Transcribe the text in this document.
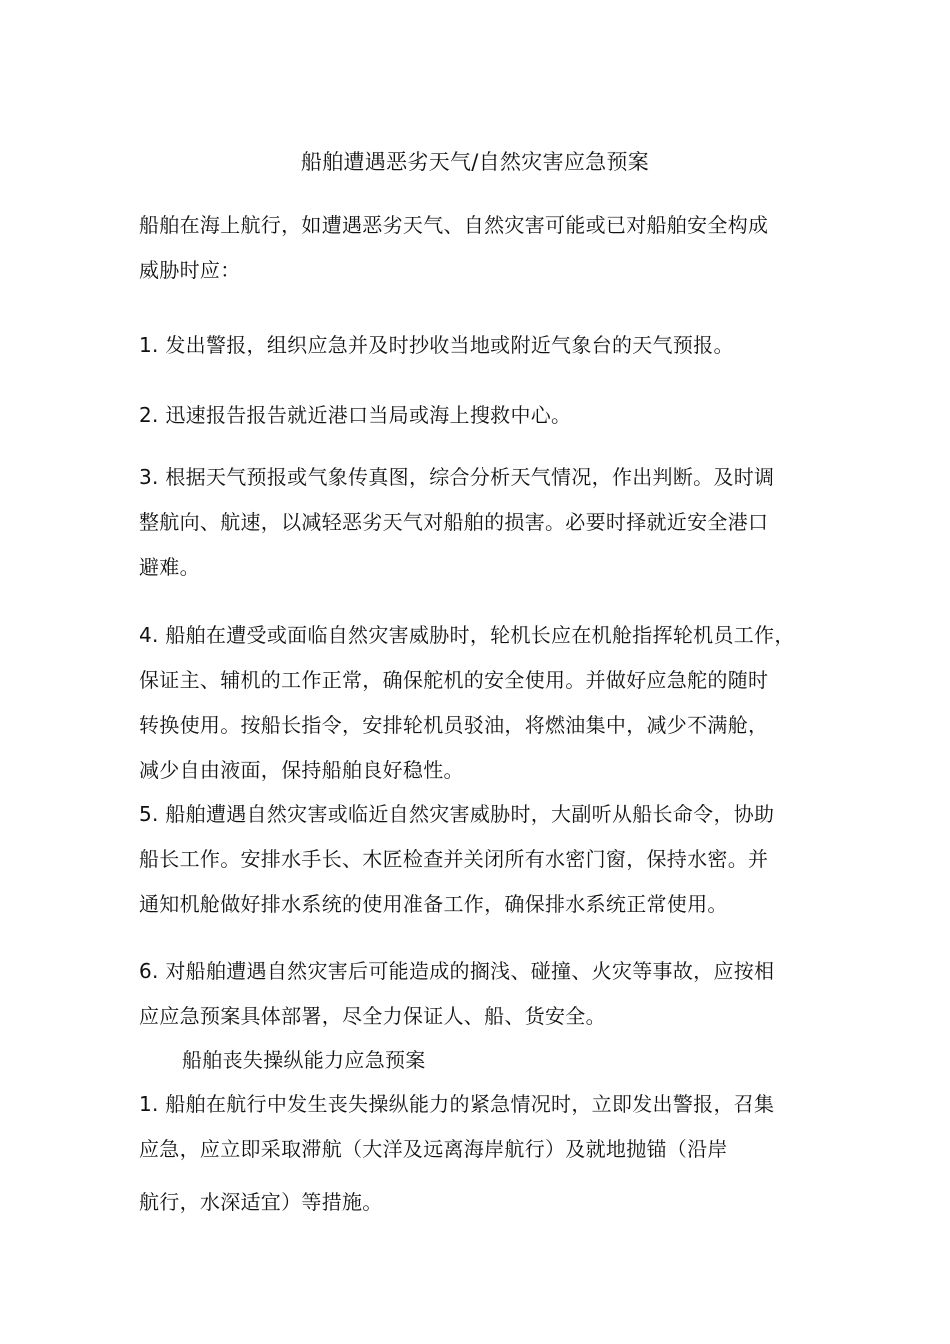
船舶遭遇恶劣天气/自然灾害应急预案
船舶在海上航行，如遭遇恶劣天气、自然灾害可能或已对船舶安全构成
威胁时应：
1. 发出警报，组织应急并及时抄收当地或附近气象台的天气预报。
2. 迅速报告报告就近港口当局或海上搜救中心。
3. 根据天气预报或气象传真图，综合分析天气情况，作出判断。及时调
整航向、航速，以减轻恶劣天气对船舶的损害。必要时择就近安全港口
避难。
4. 船舶在遭受或面临自然灾害威胁时，轮机长应在机舱指挥轮机员工作，
保证主、辅机的工作正常，确保舵机的安全使用。并做好应急舵的随时
转换使用。按船长指令，安排轮机员驳油，将燃油集中，减少不满舱，
减少自由液面，保持船舶良好稳性。
5. 船舶遭遇自然灾害或临近自然灾害威胁时，大副听从船长命令，协助
船长工作。安排水手长、木匠检查并关闭所有水密门窗，保持水密。并
通知机舱做好排水系统的使用准备工作，确保排水系统正常使用。
6. 对船舶遭遇自然灾害后可能造成的搁浅、碰撞、火灾等事故，应按相
应应急预案具体部署，尽全力保证人、船、货安全。
船舶丧失操纵能力应急预案
1. 船舶在航行中发生丧失操纵能力的紧急情况时，立即发出警报，召集
应急，应立即采取滞航（大洋及远离海岸航行）及就地抛锚（沿岸
航行，水深适宜）等措施。
